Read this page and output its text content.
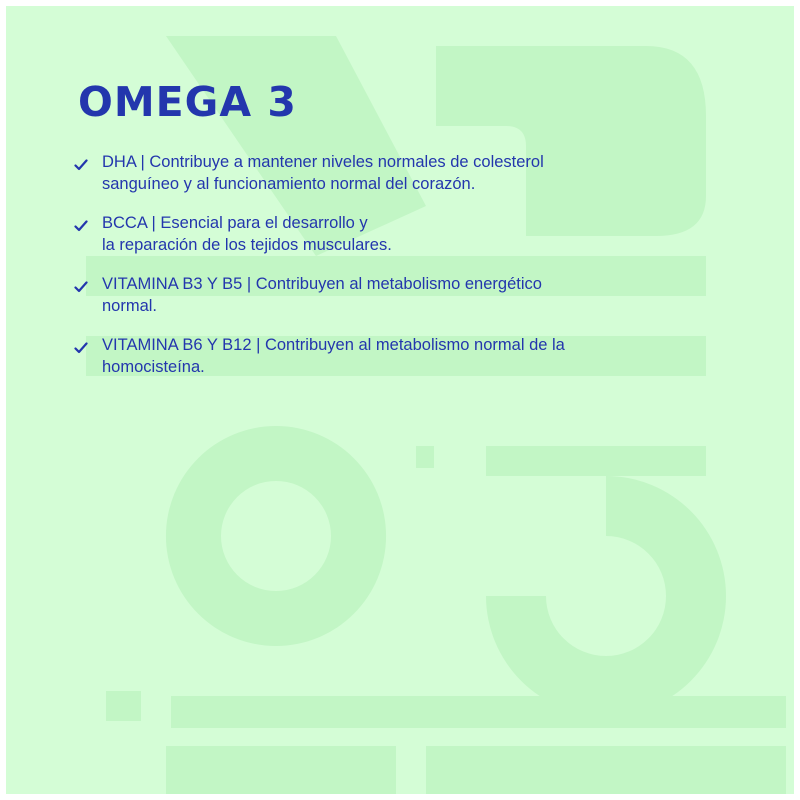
OMEGA 3
DHA | Contribuye a mantener niveles normales de colesterol
sanguíneo y al funcionamiento normal del corazón.
BCCA | Esencial para el desarrollo y
la reparación de los tejidos musculares.
VITAMINA B3 Y B5 | Contribuyen al metabolismo energético
normal.
VITAMINA B6 Y B12 | Contribuyen al metabolismo normal de la
homocisteína.
